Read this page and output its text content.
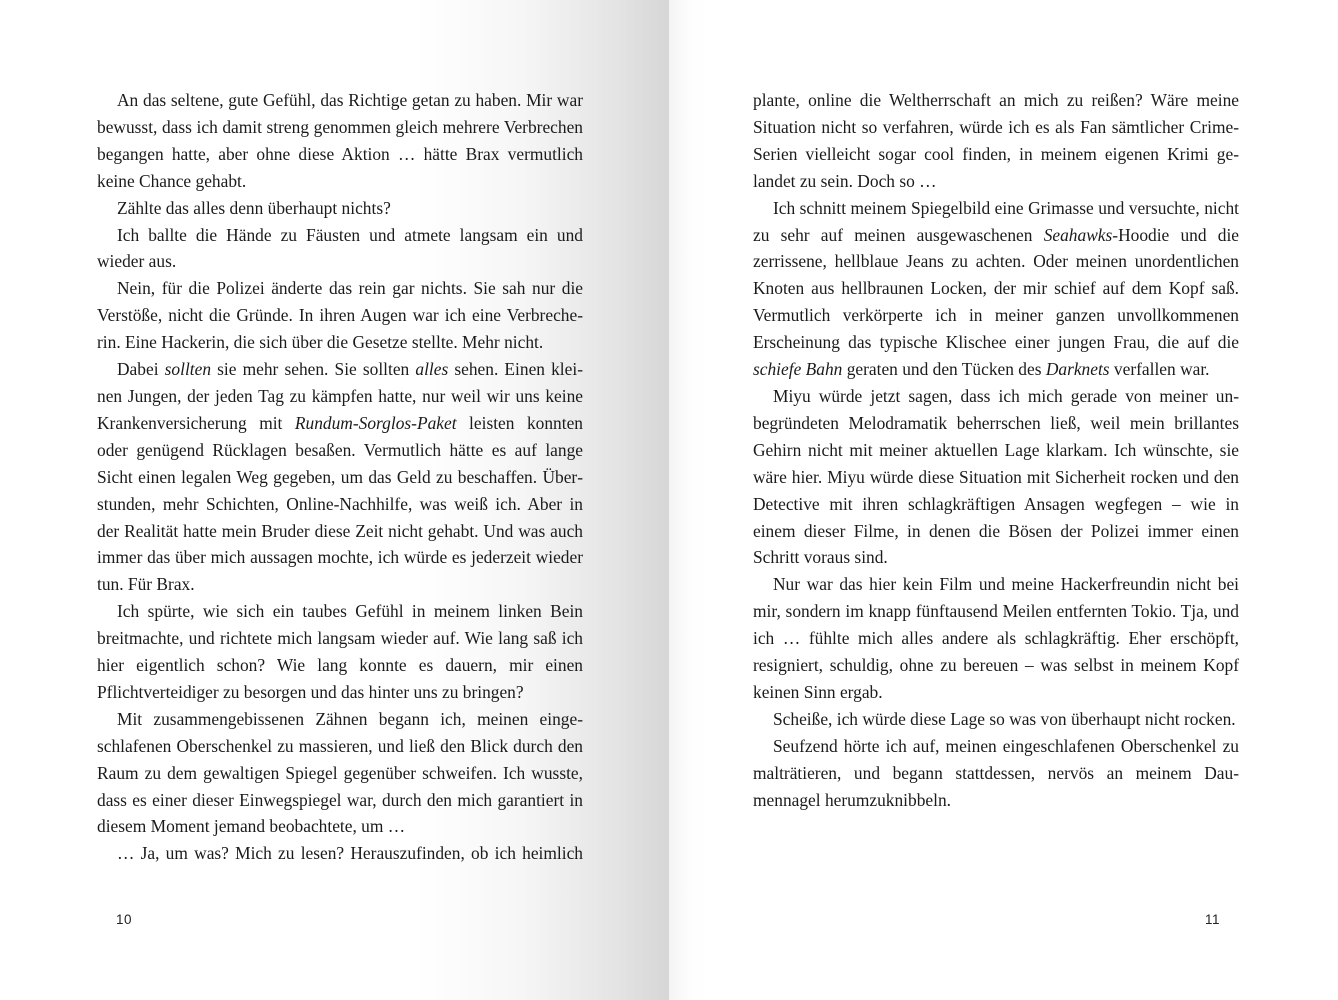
An das seltene, gute Gefühl, das Richtige getan zu haben. Mir war bewusst, dass ich damit streng genommen gleich mehrere Verbrechen begangen hatte, aber ohne diese Aktion … hätte Brax vermutlich keine Chance gehabt.

Zählte das alles denn überhaupt nichts?

Ich ballte die Hände zu Fäusten und atmete langsam ein und wieder aus.

Nein, für die Polizei änderte das rein gar nichts. Sie sah nur die Verstöße, nicht die Gründe. In ihren Augen war ich eine Verbrecherin. Eine Hackerin, die sich über die Gesetze stellte. Mehr nicht.

Dabei sollten sie mehr sehen. Sie sollten alles sehen. Einen kleinen Jungen, der jeden Tag zu kämpfen hatte, nur weil wir uns keine Krankenversicherung mit Rundum-Sorglos-Paket leisten konnten oder genügend Rücklagen besaßen. Vermutlich hätte es auf lange Sicht einen legalen Weg gegeben, um das Geld zu beschaffen. Überstunden, mehr Schichten, Online-Nachhilfe, was weiß ich. Aber in der Realität hatte mein Bruder diese Zeit nicht gehabt. Und was auch immer das über mich aussagen mochte, ich würde es jederzeit wieder tun. Für Brax.

Ich spürte, wie sich ein taubes Gefühl in meinem linken Bein breitmachte, und richtete mich langsam wieder auf. Wie lang saß ich hier eigentlich schon? Wie lang konnte es dauern, mir einen Pflichtverteidiger zu besorgen und das hinter uns zu bringen?

Mit zusammengebissenen Zähnen begann ich, meinen eingeschlafenen Oberschenkel zu massieren, und ließ den Blick durch den Raum zu dem gewaltigen Spiegel gegenüber schweifen. Ich wusste, dass es einer dieser Einwegspiegel war, durch den mich garantiert in diesem Moment jemand beobachtete, um …

… Ja, um was? Mich zu lesen? Herauszufinden, ob ich heimlich

10

plante, online die Weltherrschaft an mich zu reißen? Wäre meine Situation nicht so verfahren, würde ich es als Fan sämtlicher Crime-Serien vielleicht sogar cool finden, in meinem eigenen Krimi gelandet zu sein. Doch so …

Ich schnitt meinem Spiegelbild eine Grimasse und versuchte, nicht zu sehr auf meinen ausgewaschenen Seahawks-Hoodie und die zerrissene, hellblaue Jeans zu achten. Oder meinen unordentlichen Knoten aus hellbraunen Locken, der mir schief auf dem Kopf saß. Vermutlich verkörperte ich in meiner ganzen unvollkommenen Erscheinung das typische Klischee einer jungen Frau, die auf die schiefe Bahn geraten und den Tücken des Darknets verfallen war.

Miyu würde jetzt sagen, dass ich mich gerade von meiner unbegründeten Melodramatik beherrschen ließ, weil mein brillantes Gehirn nicht mit meiner aktuellen Lage klarkam. Ich wünschte, sie wäre hier. Miyu würde diese Situation mit Sicherheit rocken und den Detective mit ihren schlagkräftigen Ansagen wegfegen – wie in einem dieser Filme, in denen die Bösen der Polizei immer einen Schritt voraus sind.

Nur war das hier kein Film und meine Hackerfreundin nicht bei mir, sondern im knapp fünftausend Meilen entfernten Tokio. Tja, und ich … fühlte mich alles andere als schlagkräftig. Eher erschöpft, resigniert, schuldig, ohne zu bereuen – was selbst in meinem Kopf keinen Sinn ergab.

Scheiße, ich würde diese Lage so was von überhaupt nicht rocken.

Seufzend hörte ich auf, meinen eingeschlafenen Oberschenkel zu malträtieren, und begann stattdessen, nervös an meinem Daumennagel herumzuknibbeln.

11
